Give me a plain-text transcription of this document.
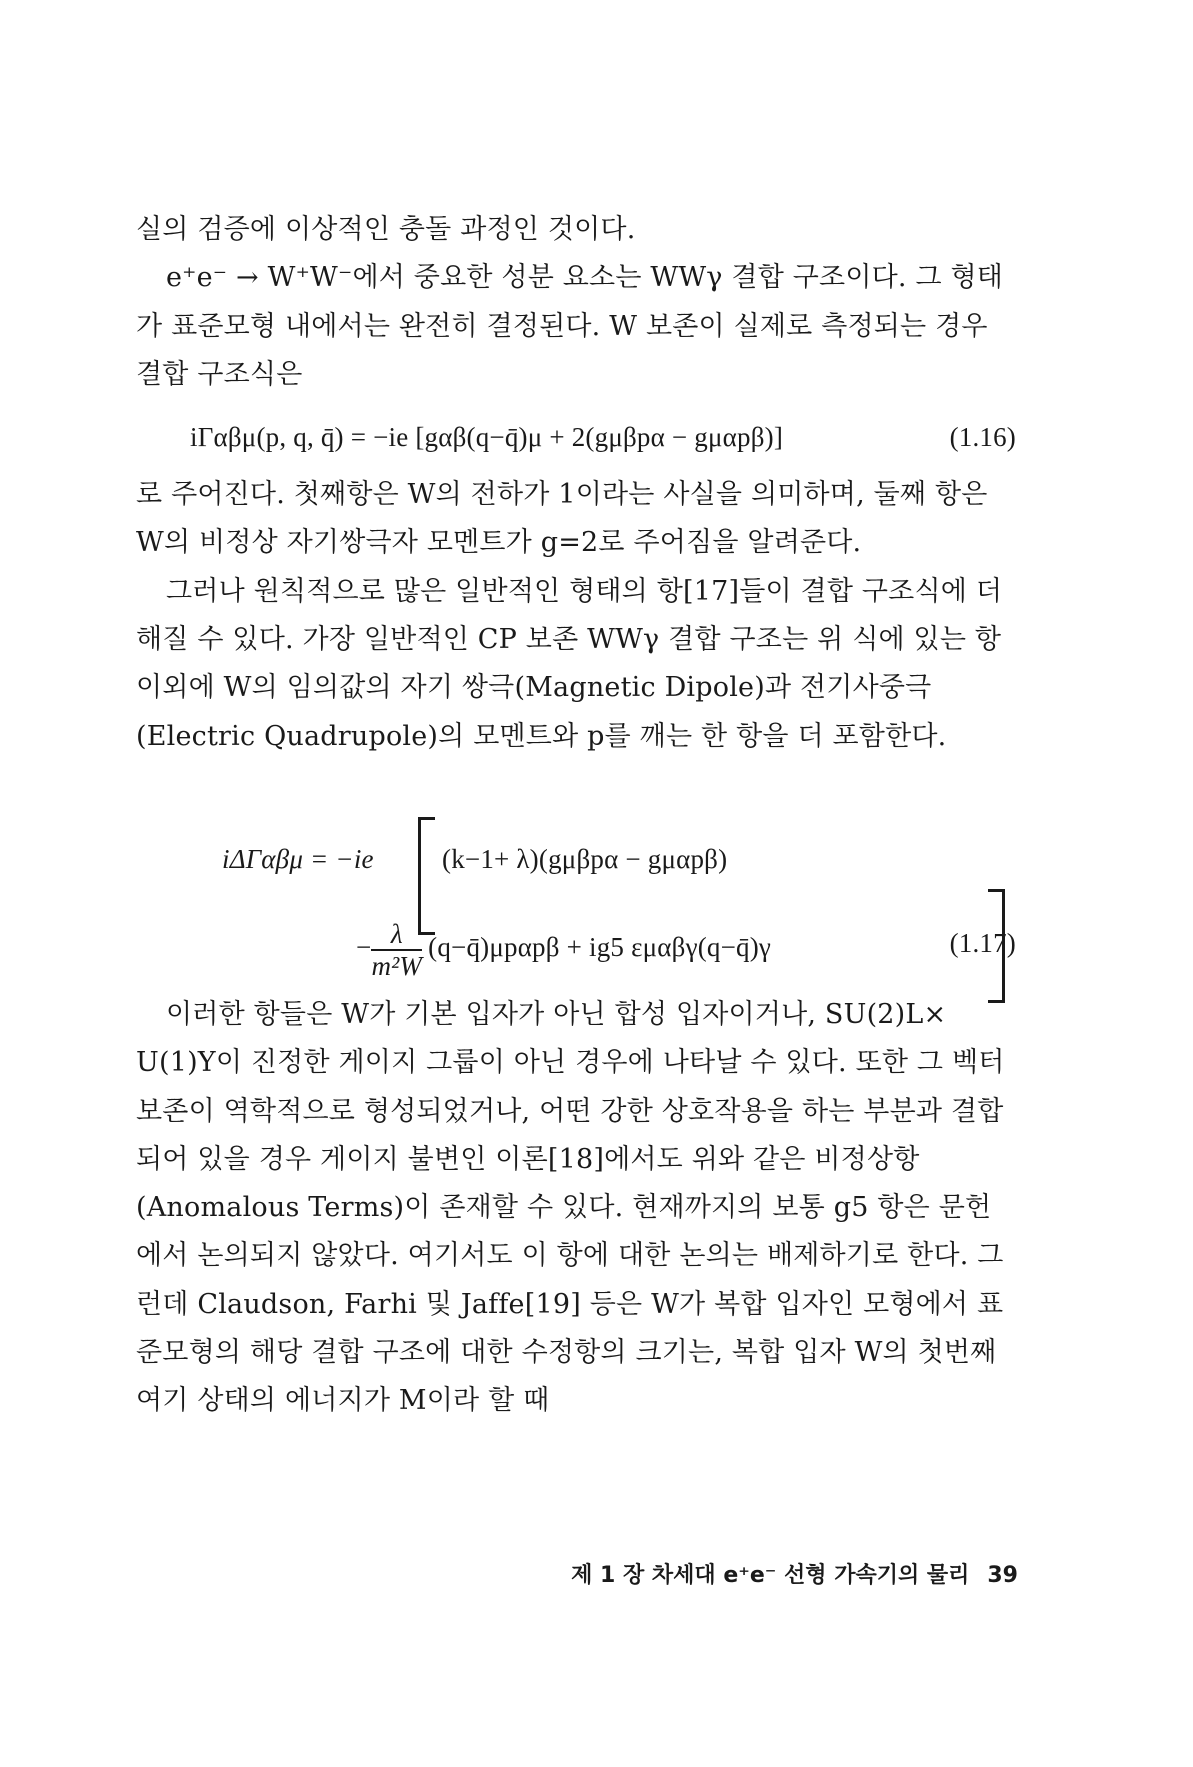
실의 검증에 이상적인 충돌 과정인 것이다.

e⁺e⁻ → W⁺W⁻에서 중요한 성분 요소는 WWγ 결합 구조이다. 그 형태가 표준모형 내에서는 완전히 결정된다. W 보존이 실제로 측정되는 경우 결합 구조식은

iΓαβμ(p, q, q̄) = −ie [gαβ(q−q̄)μ + 2(gμβpα − gμαpβ)]	(1.16)

로 주어진다. 첫째항은 W의 전하가 1이라는 사실을 의미하며, 둘째 항은 W의 비정상 자기쌍극자 모멘트가 g=2로 주어짐을 알려준다.

그러나 원칙적으로 많은 일반적인 형태의 항[17]들이 결합 구조식에 더해질 수 있다. 가장 일반적인 CP 보존 WWγ 결합 구조는 위 식에 있는 항 이외에 W의 임의값의 자기 쌍극(Magnetic Dipole)과 전기사중극(Electric Quadrupole)의 모멘트와 p를 깨는 한 항을 더 포함한다.

iΔΓαβμ = −ie	(k−1+ λ)(gμβpα − gμαpβ)
− $\frac{\lambda}{\text{m²W}}$ (q−q̄)μpαpβ + ig5 εμαβγ(q−q̄)γ	(1.17)

이러한 항들은 W가 기본 입자가 아닌 합성 입자이거나, SU(2)L× U(1)Y이 진정한 게이지 그룹이 아닌 경우에 나타날 수 있다. 또한 그 벡터 보존이 역학적으로 형성되었거나, 어떤 강한 상호작용을 하는 부분과 결합되어 있을 경우 게이지 불변인 이론[18]에서도 위와 같은 비정상항(Anomalous Terms)이 존재할 수 있다. 현재까지의 보통 g5 항은 문헌에서 논의되지 않았다. 여기서도 이 항에 대한 논의는 배제하기로 한다. 그런데 Claudson, Farhi 및 Jaffe[19] 등은 W가 복합 입자인 모형에서 표준모형의 해당 결합 구조에 대한 수정항의 크기는, 복합 입자 W의 첫번째 여기 상태의 에너지가 M이라 할 때

제 1 장 차세대 e⁺e⁻ 선형 가속기의 물리 39
